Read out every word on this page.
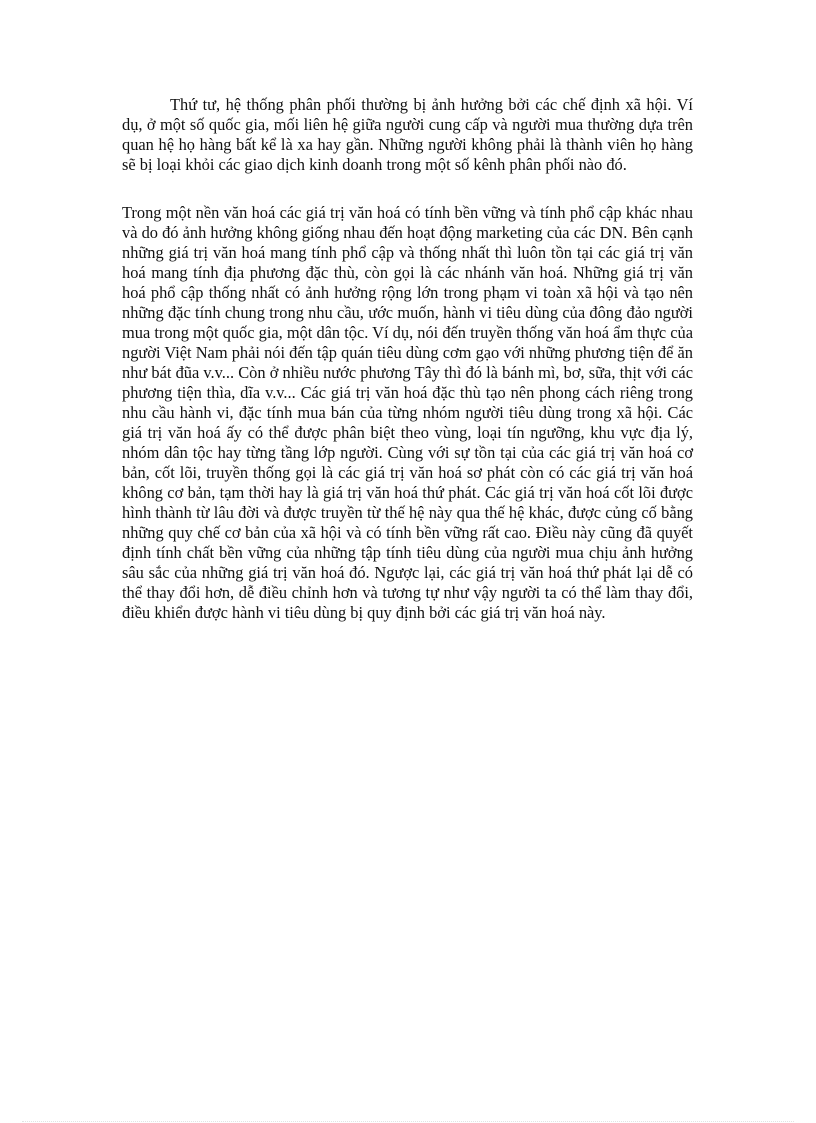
Thứ tư, hệ thống phân phối thường bị ảnh hưởng bởi các chế định xã hội. Ví dụ, ở một số quốc gia, mối liên hệ giữa người cung cấp và người mua thường dựa trên quan hệ họ hàng bất kể là xa hay gần. Những người không phải là thành viên họ hàng sẽ bị loại khỏi các giao dịch kinh doanh trong một số kênh phân phối nào đó.

Trong một nền văn hoá các giá trị văn hoá có tính bền vững và tính phổ cập khác nhau và do đó ảnh hưởng không giống nhau đến hoạt động marketing của các DN. Bên cạnh những giá trị văn hoá mang tính phổ cập và thống nhất thì luôn tồn tại các giá trị văn hoá mang tính địa phương đặc thù, còn gọi là các nhánh văn hoá. Những giá trị văn hoá phổ cập thống nhất có ảnh hưởng rộng lớn trong phạm vi toàn xã hội và tạo nên những đặc tính chung trong nhu cầu, ước muốn, hành vi tiêu dùng của đông đảo người mua trong một quốc gia, một dân tộc. Ví dụ, nói đến truyền thống văn hoá ẩm thực của người Việt Nam phải nói đến tập quán tiêu dùng cơm gạo với những phương tiện để ăn như bát đũa v.v... Còn ở nhiều nước phương Tây thì đó là bánh mì, bơ, sữa, thịt với các phương tiện thìa, dĩa v.v... Các giá trị văn hoá đặc thù tạo nên phong cách riêng trong nhu cầu hành vi, đặc tính mua bán của từng nhóm người tiêu dùng trong xã hội. Các giá trị văn hoá ấy có thể được phân biệt theo vùng, loại tín ngưỡng, khu vực địa lý, nhóm dân tộc hay từng tầng lớp người. Cùng với sự tồn tại của các giá trị văn hoá cơ bản, cốt lõi, truyền thống gọi là các giá trị văn hoá sơ phát còn có các giá trị văn hoá không cơ bản, tạm thời hay là giá trị văn hoá thứ phát. Các giá trị văn hoá cốt lõi được hình thành từ lâu đời và được truyền từ thế hệ này qua thế hệ khác, được củng cố bằng những quy chế cơ bản của xã hội và có tính bền vững rất cao. Điều này cũng đã quyết định tính chất bền vững của những tập tính tiêu dùng của người mua chịu ảnh hưởng sâu sắc của những giá trị văn hoá đó. Ngược lại, các giá trị văn hoá thứ phát lại dễ có thể thay đổi hơn, dễ điều chỉnh hơn và tương tự như vậy người ta có thể làm thay đổi, điều khiển được hành vi tiêu dùng bị quy định bởi các giá trị văn hoá này.
